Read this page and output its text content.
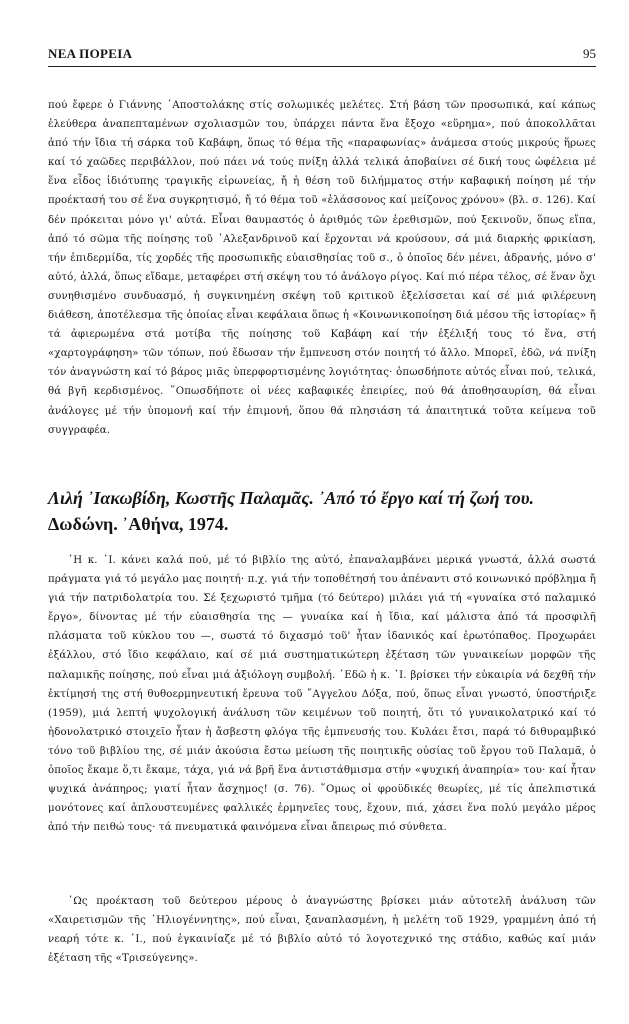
ΝΕΑ ΠΟΡΕΙΑ	95

πού ἔφερε ὁ Γιάννης ᾿Αποστολάκης στίς σολωμικές μελέτες. Στή βάση τῶν προσωπικά, καί κάπως ἐλεύθερα ἀναπεπταμένων σχολιασμῶν του, ὑπάρχει πάντα ἕνα ἔξοχο «εὕρημα», πού ἀποκολλᾶται ἀπό τήν ἴδια τή σάρκα τοῦ Καβάφη, ὅπως τό θέμα τῆς «παραφωνίας» ἀνάμεσα στούς μικρούς ἥρωες καί τό χαῶδες περιβάλλον, πού πάει νά τούς πνίξη ἀλλά τελικά ἀποβαίνει σέ δική τους ὠφέλεια μέ ἕνα εἶδος ἰδιότυπης τραγικῆς εἰρωνείας, ἤ ἡ θέση τοῦ διλήμματος στήν καβαφική ποίηση μέ τήν προέκτασή του σέ ἕνα συγκρητισμό, ἤ τό θέμα τοῦ «ἐλάσσονος καί μείζονος χρόνου» (βλ. σ. 126). Καί δέν πρόκειται μόνο γι' αὐτά. Εἶναι θαυμαστός ὁ ἀριθμός τῶν ἐρεθισμῶν, πού ξεκινοῦν, ὅπως εἴπα, ἀπό τό σῶμα τῆς ποίησης τοῦ ᾿Αλεξανδρινοῦ καί ἔρχονται νά κρούσουν, σά μιά διαρκής φρικίαση, τήν ἐπιδερμίδα, τίς χορδές τῆς προσωπικῆς εὐαισθησίας τοῦ σ., ὁ ὁποῖος δέν μένει, ἀδρανής, μόνο σ' αὐτό, ἀλλά, ὅπως εἴδαμε, μεταφέρει στή σκέψη του τό ἀνάλογο ρίγος. Καί πιό πέρα τέλος, σέ ἕναν ὄχι συνηθισμένο συνδυασμό, ἡ συγκινημένη σκέψη τοῦ κριτικοῦ ἐξελίσσεται καί σέ μιά φιλέρευνη διάθεση, ἀποτέλεσμα τῆς ὁποίας εἶναι κεφάλαια ὅπως ἡ «Κοινωνικοποίηση διά μέσου τῆς ἱστορίας» ἤ τά ἀφιερωμένα στά μοτίβα τῆς ποίησης τοῦ Καβάφη καί τήν ἐξέλιξή τους τό ἕνα, στή «χαρτογράφηση» τῶν τόπων, πού ἔδωσαν τήν ἔμπνευση στόν ποιητή τό ἄλλο. Μπορεῖ, ἐδῶ, νά πνίξη τόν ἀναγνώστη καί τό βάρος μιᾶς ὑπερφορτισμένης λογιότητας· ὁπωσδήποτε αὐτός εἶναι πού, τελικά, θά βγῆ κερδισμένος. ῞Οπωσδήποτε οἱ νέες καβαφικές ἐπειρίες, πού θά ἀποθησαυρίση, θά εἶναι ἀνάλογες μέ τήν ὑπομονή καί τήν ἐπιμονή, ὅπου θά πλησιάση τά ἀπαιτητικά τοῦτα κείμενα τοῦ συγγραφέα.

Λιλή ᾿Ιακωβίδη, Κωστῆς Παλαμᾶς. ᾿Από τό ἔργο καί τή ζωή του.
Δωδώνη. ᾿Αθήνα, 1974.

῾Η κ. ᾿Ι. κάνει καλά πού, μέ τό βιβλίο της αὐτό, ἐπαναλαμβάνει μερικά γνωστά, ἀλλά σωστά πράγματα γιά τό μεγάλο μας ποιητή· π.χ. γιά τήν τοποθέτησή του ἀπέναντι στό κοινωνικό πρόβλημα ἤ γιά τήν πατριδολατρία του. Σέ ξεχωριστό τμῆμα (τό δεύτερο) μιλάει γιά τή «γυναίκα στό παλαμικό ἔργο», δίνοντας μέ τήν εὐαισθησία της — γυναίκα καί ἡ ἴδια, καί μάλιστα ἀπό τά προσφιλῆ πλάσματα τοῦ κύκλου του —, σωστά τό διχασμό τοῦ' ἦταν ἰδανικός καί ἐρωτόπαθος. Προχωράει ἐξάλλου, στό ἴδιο κεφάλαιο, καί σέ μιά συστηματικώτερη ἐξέταση τῶν γυναικείων μορφῶν τῆς παλαμικῆς ποίησης, πού εἶναι μιά ἀξιόλογη συμβολή. ᾿Εδῶ ἡ κ. ᾿Ι. βρίσκει τήν εὐκαιρία νά δεχθῆ τήν ἐκτίμησή της στή θυθοερμηνευτική ἔρευνα τοῦ ῎Αγγελου Δόξα, πού, ὅπως εἶναι γνωστό, ὑποστήριξε (1959), μιά λεπτή ψυχολογική ἀνάλυση τῶν κειμένων τοῦ ποιητή, ὅτι τό γυναικολατρικό καί τό ἡδονολατρικό στοιχεῖο ἦταν ἡ ἄσβεστη φλόγα τῆς ἐμπνευσής του. Κυλάει ἔτσι, παρά τό διθυραμβικό τόνο τοῦ βιβλίου της, σέ μιάν ἀκούσια ἔστω μείωση τῆς ποιητικῆς οὐσίας τοῦ ἔργου τοῦ Παλαμᾶ, ὁ ὁποῖος ἔκαμε ὅ,τι ἔκαμε, τάχα, γιά νά βρῆ ἕνα ἀντιστάθμισμα στήν «ψυχική ἀναπηρία» του· καί ἦταν ψυχικά ἀνάπηρος; γιατί ἦταν ἄσχημος! (σ. 76). ῞Ομως οἱ φροϋδικές θεωρίες, μέ τίς ἀπελπιστικά μονότονες καί ἁπλουστευμένες φαλλικές ἑρμηνεῖες τους, ἔχουν, πιά, χάσει ἕνα πολύ μεγάλο μέρος ἀπό τήν πειθώ τους· τά πνευματικά φαινόμενα εἶναι ἄπειρως πιό σύνθετα.

῾Ως προέκταση τοῦ δεύτερου μέρους ὁ ἀναγνώστης βρίσκει μιάν αὐτοτελῆ ἀνάλυση τῶν «Χαιρετισμῶν τῆς ῾Ηλιογέννητης», πού εἶναι, ξαναπλασμένη, ἡ μελέτη τοῦ 1929, γραμμένη ἀπό τή νεαρή τότε κ. ᾿Ι., πού ἐγκαινίαζε μέ τό βιβλίο αὐτό τό λογοτεχνικό της στάδιο, καθώς καί μιάν ἐξέταση τῆς «Τρισεύγενης».
